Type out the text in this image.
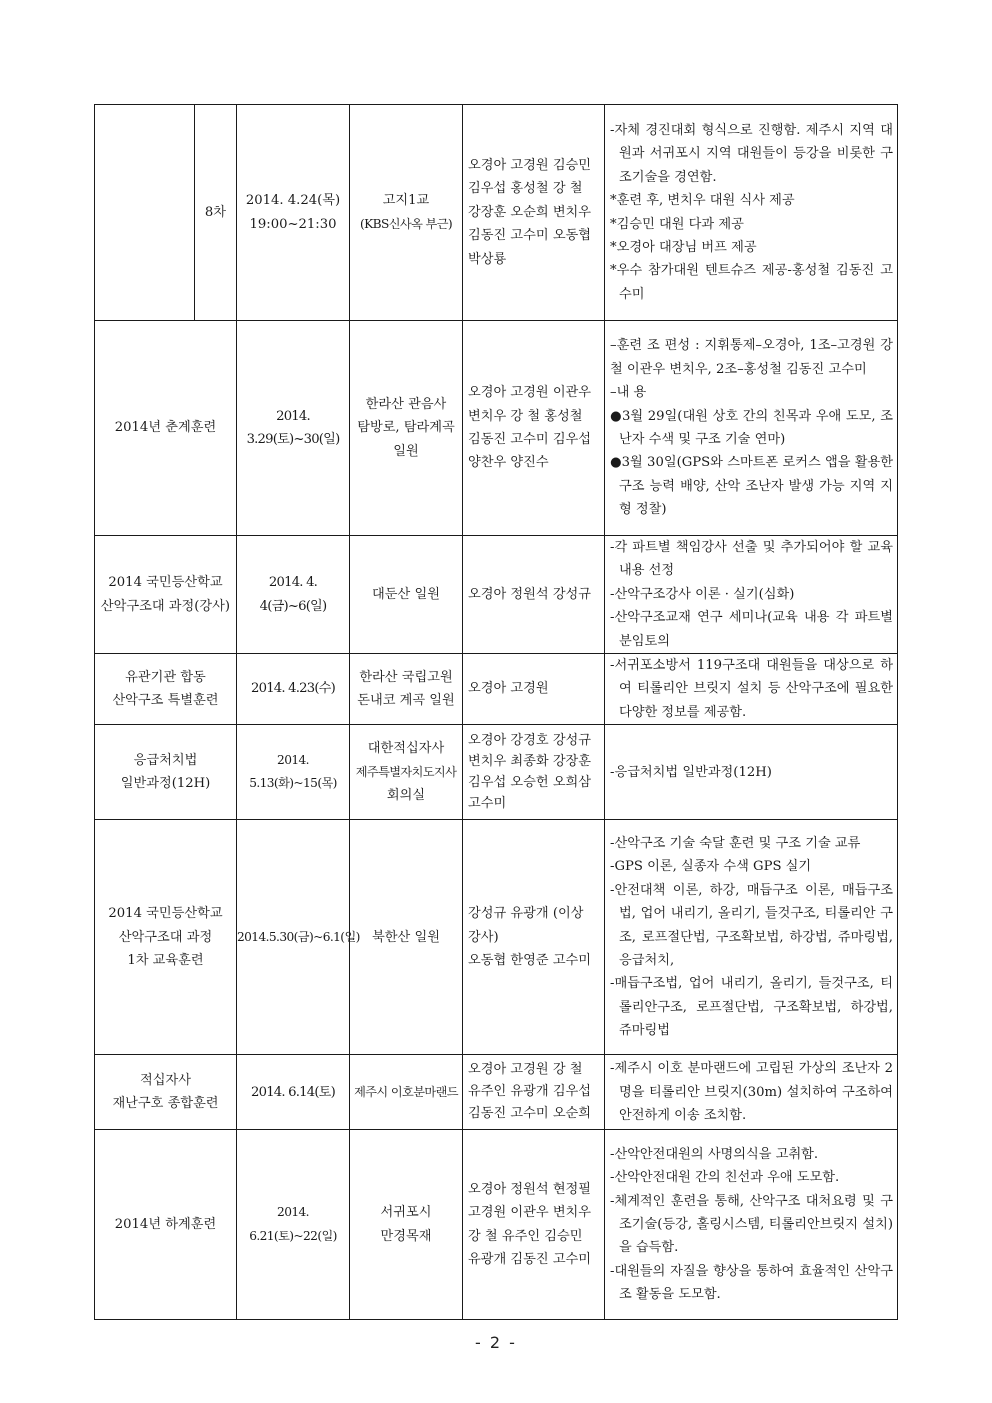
	8차	2014. 4.24(목)
19:00~21:30	고지1교
(KBS신사옥 부근)	오경아 고경원 김승민
김우섭 홍성철 강 철
강장훈 오순희 변치우
김동진 고수미 오동협
박상룡	-자체 경진대회 형식으로 진행함. 제주시 지역 대원과 서귀포시 지역 대원들이 등강을 비롯한 구조기술을 경연함.
*훈련 후, 변치우 대원 식사 제공
*김승민 대원 다과 제공
*오경아 대장님 버프 제공
*우수 참가대원 텐트슈즈 제공-홍성철 김동진 고수미

2014년 춘계훈련		2014. 3.29(토)~30(일)	한라산 관음사
탐방로, 탐라계곡
일원	오경아 고경원 이관우
변치우 강 철 홍성철
김동진 고수미 김우섭
양찬우 양진수	–훈련 조 편성 : 지휘통제–오경아, 1조–고경원 강 철 이관우 변치우, 2조–홍성철 김동진 고수미
–내 용
●3월 29일(대원 상호 간의 친목과 우애 도모, 조난자 수색 및 구조 기술 연마)
●3월 30일(GPS와 스마트폰 로커스 앱을 활용한 구조 능력 배양, 산악 조난자 발생 가능 지역 지형 정찰)

2014 국민등산학교
산악구조대 과정(강사)		2014. 4. 4(금)~6(일)	대둔산 일원	오경아 정원석 강성규	-각 파트별 책임강사 선출 및 추가되어야 할 교육내용 선정
-산악구조강사 이론 · 실기(심화)
-산악구조교재 연구 세미나(교육 내용 각 파트별 분임토의

유관기관 합동
산악구조 특별훈련		2014. 4.23(수)	한라산 국립고원
돈내코 계곡 일원	오경아 고경원	-서귀포소방서 119구조대 대원들을 대상으로 하여 티롤리안 브릿지 설치 등 산악구조에 필요한 다양한 정보를 제공함.

응급처치법
일반과정(12H)		2014. 5.13(화)~15(목)	대한적십자사
제주특별자치도지사
회의실	오경아 강경호 강성규
변치우 최종화 강장훈
김우섭 오승헌 오희삼
고수미	-응급처치법 일반과정(12H)

2014 국민등산학교
산악구조대 과정
1차 교육훈련		2014.5.30(금)~6.1(일)	북한산 일원	강성규 유광개 (이상
강사)
오동협 한영준 고수미	-산악구조 기술 숙달 훈련 및 구조 기술 교류
-GPS 이론, 실종자 수색 GPS 실기
-안전대책 이론, 하강, 매듭구조 이론, 매듭구조법, 업어 내리기, 올리기, 들것구조, 티롤리안 구조, 로프절단법, 구조확보법, 하강법, 쥬마링법, 응급처치,
-매듭구조법, 업어 내리기, 올리기, 들것구조, 티롤리안구조, 로프절단법, 구조확보법, 하강법, 쥬마링법

적십자사
재난구호 종합훈련		2014. 6.14(토)	제주시 이호분마랜드	오경아 고경원 강 철
유주인 유광개 김우섭
김동진 고수미 오순희	-제주시 이호 분마랜드에 고립된 가상의 조난자 2명을 티롤리안 브릿지(30m) 설치하여 구조하여 안전하게 이송 조치함.

2014년 하계훈련		2014. 6.21(토)~22(일)	서귀포시
만경목재	오경아 정원석 현정필
고경원 이관우 변치우
강 철 유주인 김승민
유광개 김동진 고수미	-산악안전대원의 사명의식을 고취함.
-산악안전대원 간의 친선과 우애 도모함.
-체계적인 훈련을 통해, 산악구조 대처요령 및 구조기술(등강, 홀링시스템, 티롤리안브릿지 설치)을 습득함.
-대원들의 자질을 향상을 통하여 효율적인 산악구조 활동을 도모함.
- 2 -
